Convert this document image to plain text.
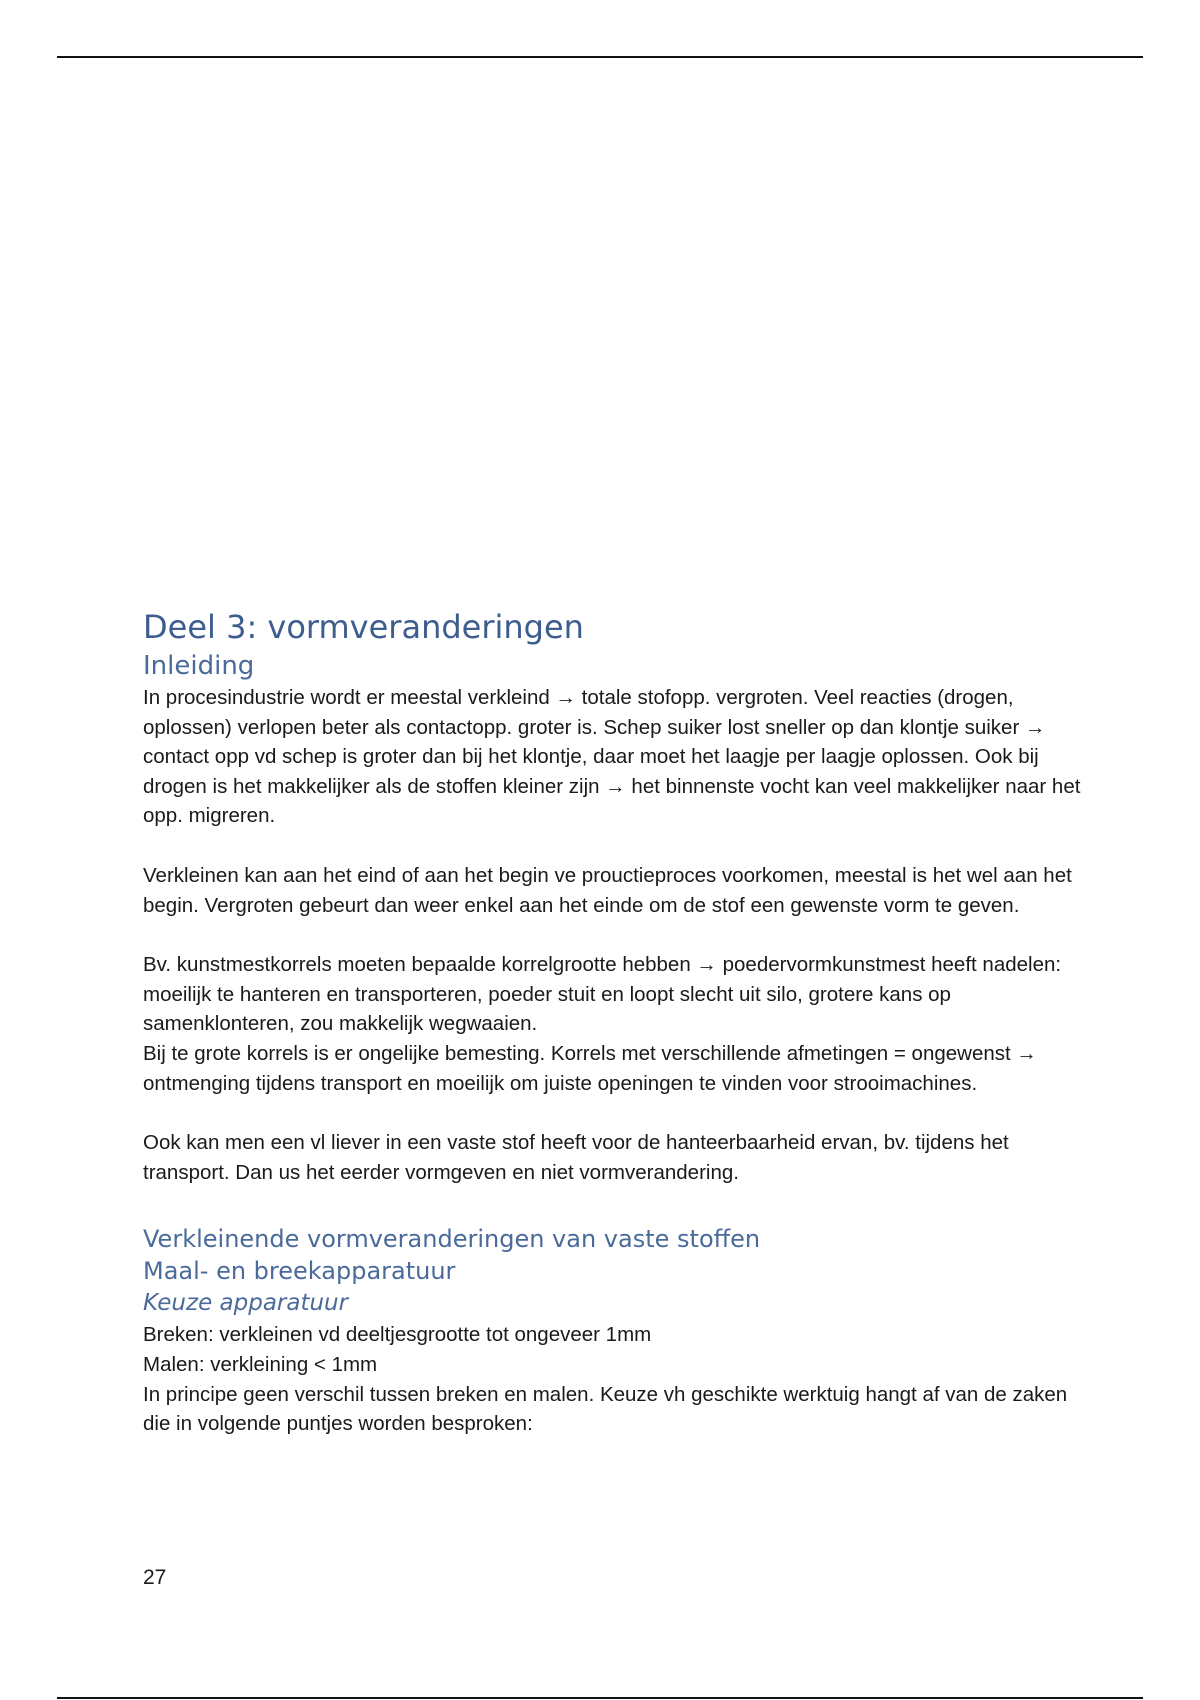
Deel 3: vormveranderingen
Inleiding

In procesindustrie wordt er meestal verkleind → totale stofopp. vergroten. Veel reacties (drogen, oplossen) verlopen beter als contactopp. groter is. Schep suiker lost sneller op dan klontje suiker → contact opp vd schep is groter dan bij het klontje, daar moet het laagje per laagje oplossen. Ook bij drogen is het makkelijker als de stoffen kleiner zijn → het binnenste vocht kan veel makkelijker naar het opp. migreren.

Verkleinen kan aan het eind of aan het begin ve prouctieproces voorkomen, meestal is het wel aan het begin. Vergroten gebeurt dan weer enkel aan het einde om de stof een gewenste vorm te geven.

Bv. kunstmestkorrels moeten bepaalde korrelgrootte hebben → poedervormkunstmest heeft nadelen: moeilijk te hanteren en transporteren, poeder stuit en loopt slecht uit silo, grotere kans op samenklonteren, zou makkelijk wegwaaien.

Bij te grote korrels is er ongelijke bemesting. Korrels met verschillende afmetingen = ongewenst → ontmenging tijdens transport en moeilijk om juiste openingen te vinden voor strooimachines.

Ook kan men een vl liever in een vaste stof heeft voor de hanteerbaarheid ervan, bv. tijdens het transport. Dan us het eerder vormgeven en niet vormverandering.

Verkleinende vormveranderingen van vaste stoffen
Maal- en breekapparatuur
Keuze apparatuur

Breken: verkleinen vd deeltjesgrootte tot ongeveer 1mm

Malen: verkleining < 1mm

In principe geen verschil tussen breken en malen. Keuze vh geschikte werktuig hangt af van de zaken die in volgende puntjes worden besproken:

27
